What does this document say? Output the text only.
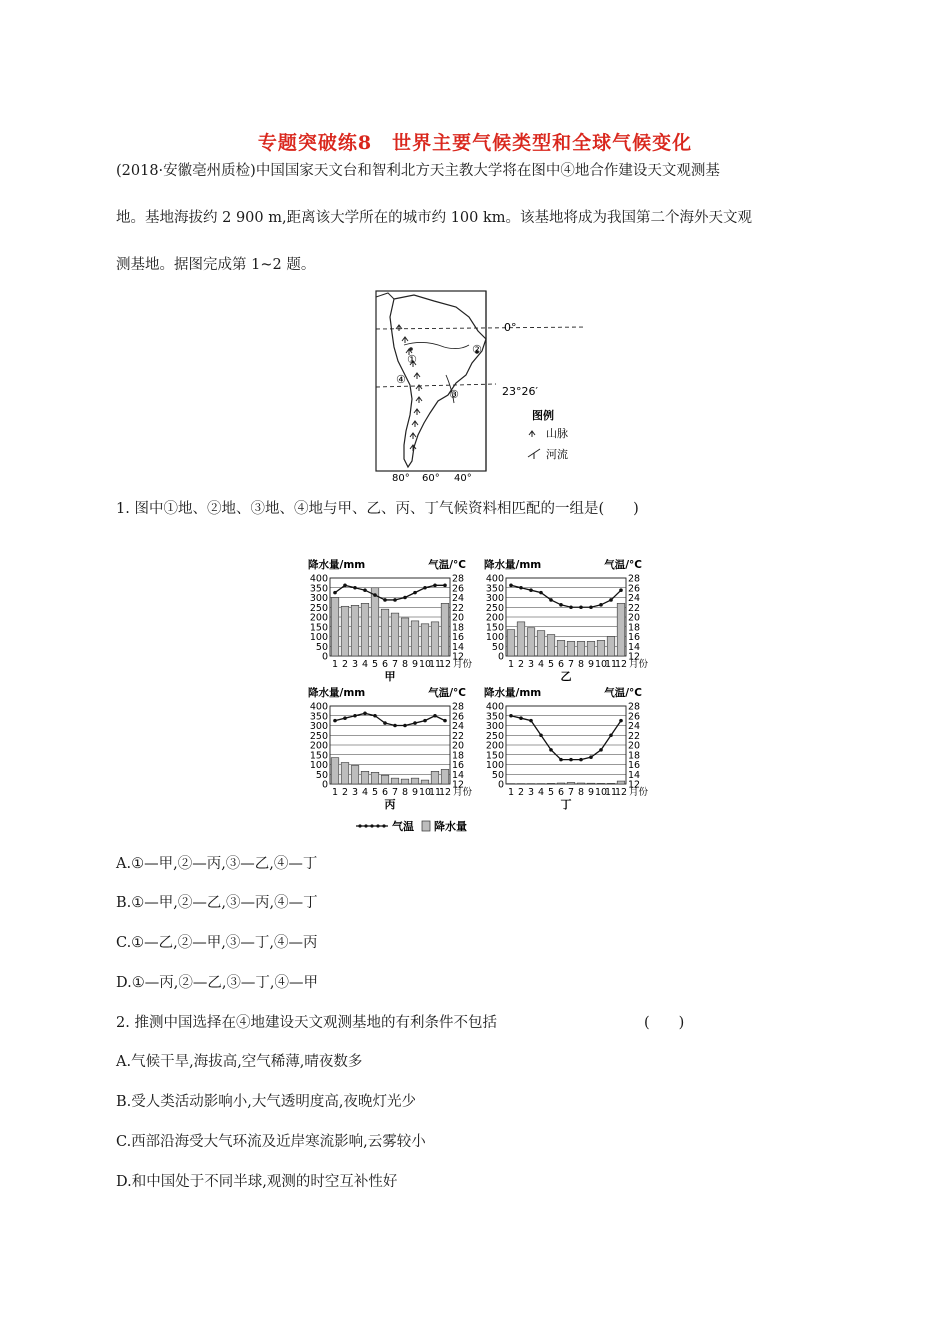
专题突破练8　世界主要气候类型和全球气候变化
(2018·安徽亳州质检)中国国家天文台和智利北方天主教大学将在图中④地合作建设天文观测基
地。基地海拔约 2 900 m,距离该大学所在的城市约 100 km。该基地将成为我国第二个海外天文观
测基地。据图完成第 1~2 题。
0°
23°26′
①
②
③
④
80° 60° 40°
图例
山脉
河流
1. 图中①地、②地、③地、④地与甲、乙、丙、丁气候资料相匹配的一组是(　　)
降水量/mm	气温/°C
0	12
50	14
100	16
150	18
200	20
250	22
300	24
350	26
400	28
1 2 3 4 5 6 7 8 9 10
11
12 月份
甲
降水量/mm	气温/°C
0	12
50	14
100	16
150	18
200	20
250	22
300	24
350	26
400	28
1 2 3 4 5 6 7 8 9 10
11
12 月份
乙
降水量/mm	气温/°C
0	12
50	14
100	16
150	18
200	20
250	22
300	24
350	26
400	28
1 2 3 4 5 6 7 8 9 10
11
12 月份
丙
降水量/mm	气温/°C
0	12
50	14
100	16
150	18
200	20
250	22
300	24
350	26
400	28
1 2 3 4 5 6 7 8 9 10
11
12 月份
丁
气温 降水量
A.①—甲,②—丙,③—乙,④—丁
B.①—甲,②—乙,③—丙,④—丁
C.①—乙,②—甲,③—丁,④—丙
D.①—丙,②—乙,③—丁,④—甲
2. 推测中国选择在④地建设天文观测基地的有利条件不包括	(　　)
A.气候干旱,海拔高,空气稀薄,晴夜数多
B.受人类活动影响小,大气透明度高,夜晚灯光少
C.西部沿海受大气环流及近岸寒流影响,云雾较小
D.和中国处于不同半球,观测的时空互补性好
